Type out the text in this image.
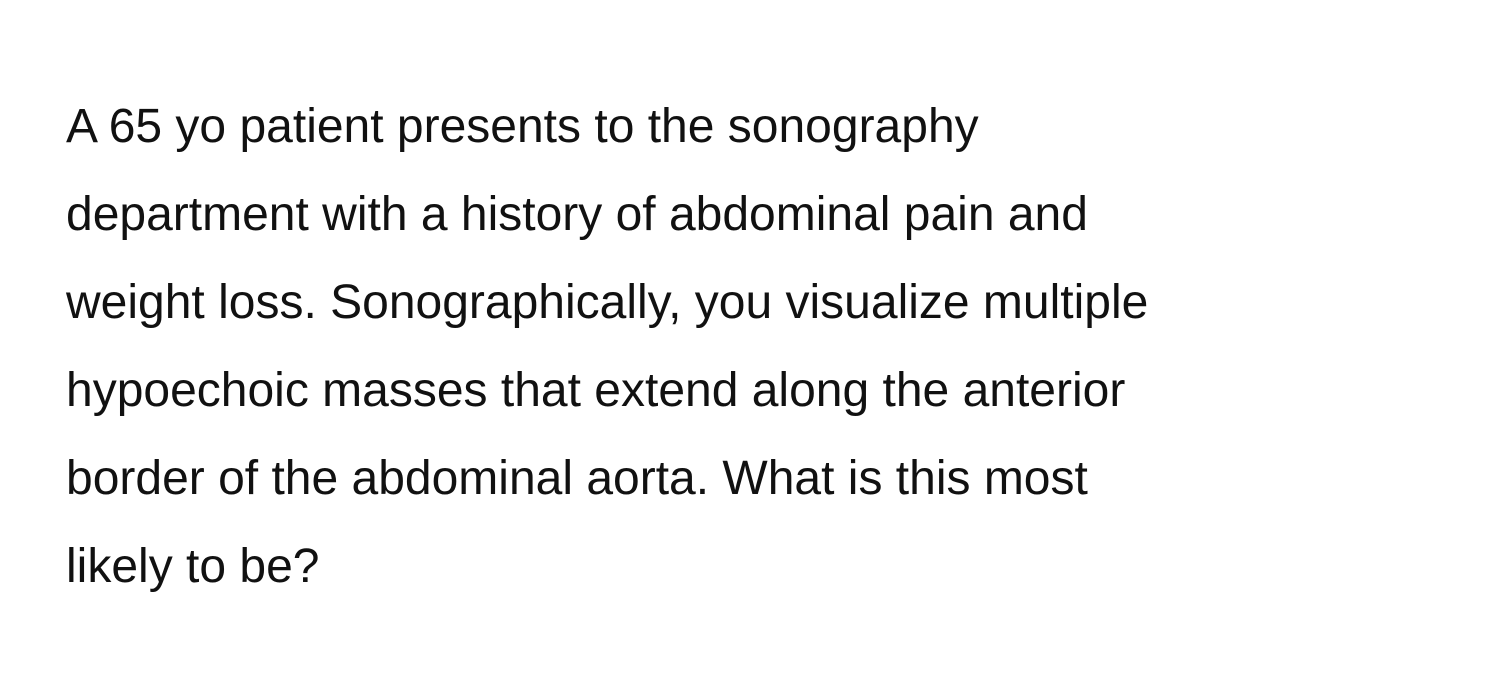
A 65 yo patient presents to the sonography
department with a history of abdominal pain and
weight loss. Sonographically, you visualize multiple
hypoechoic masses that extend along the anterior
border of the abdominal aorta. What is this most
likely to be?
